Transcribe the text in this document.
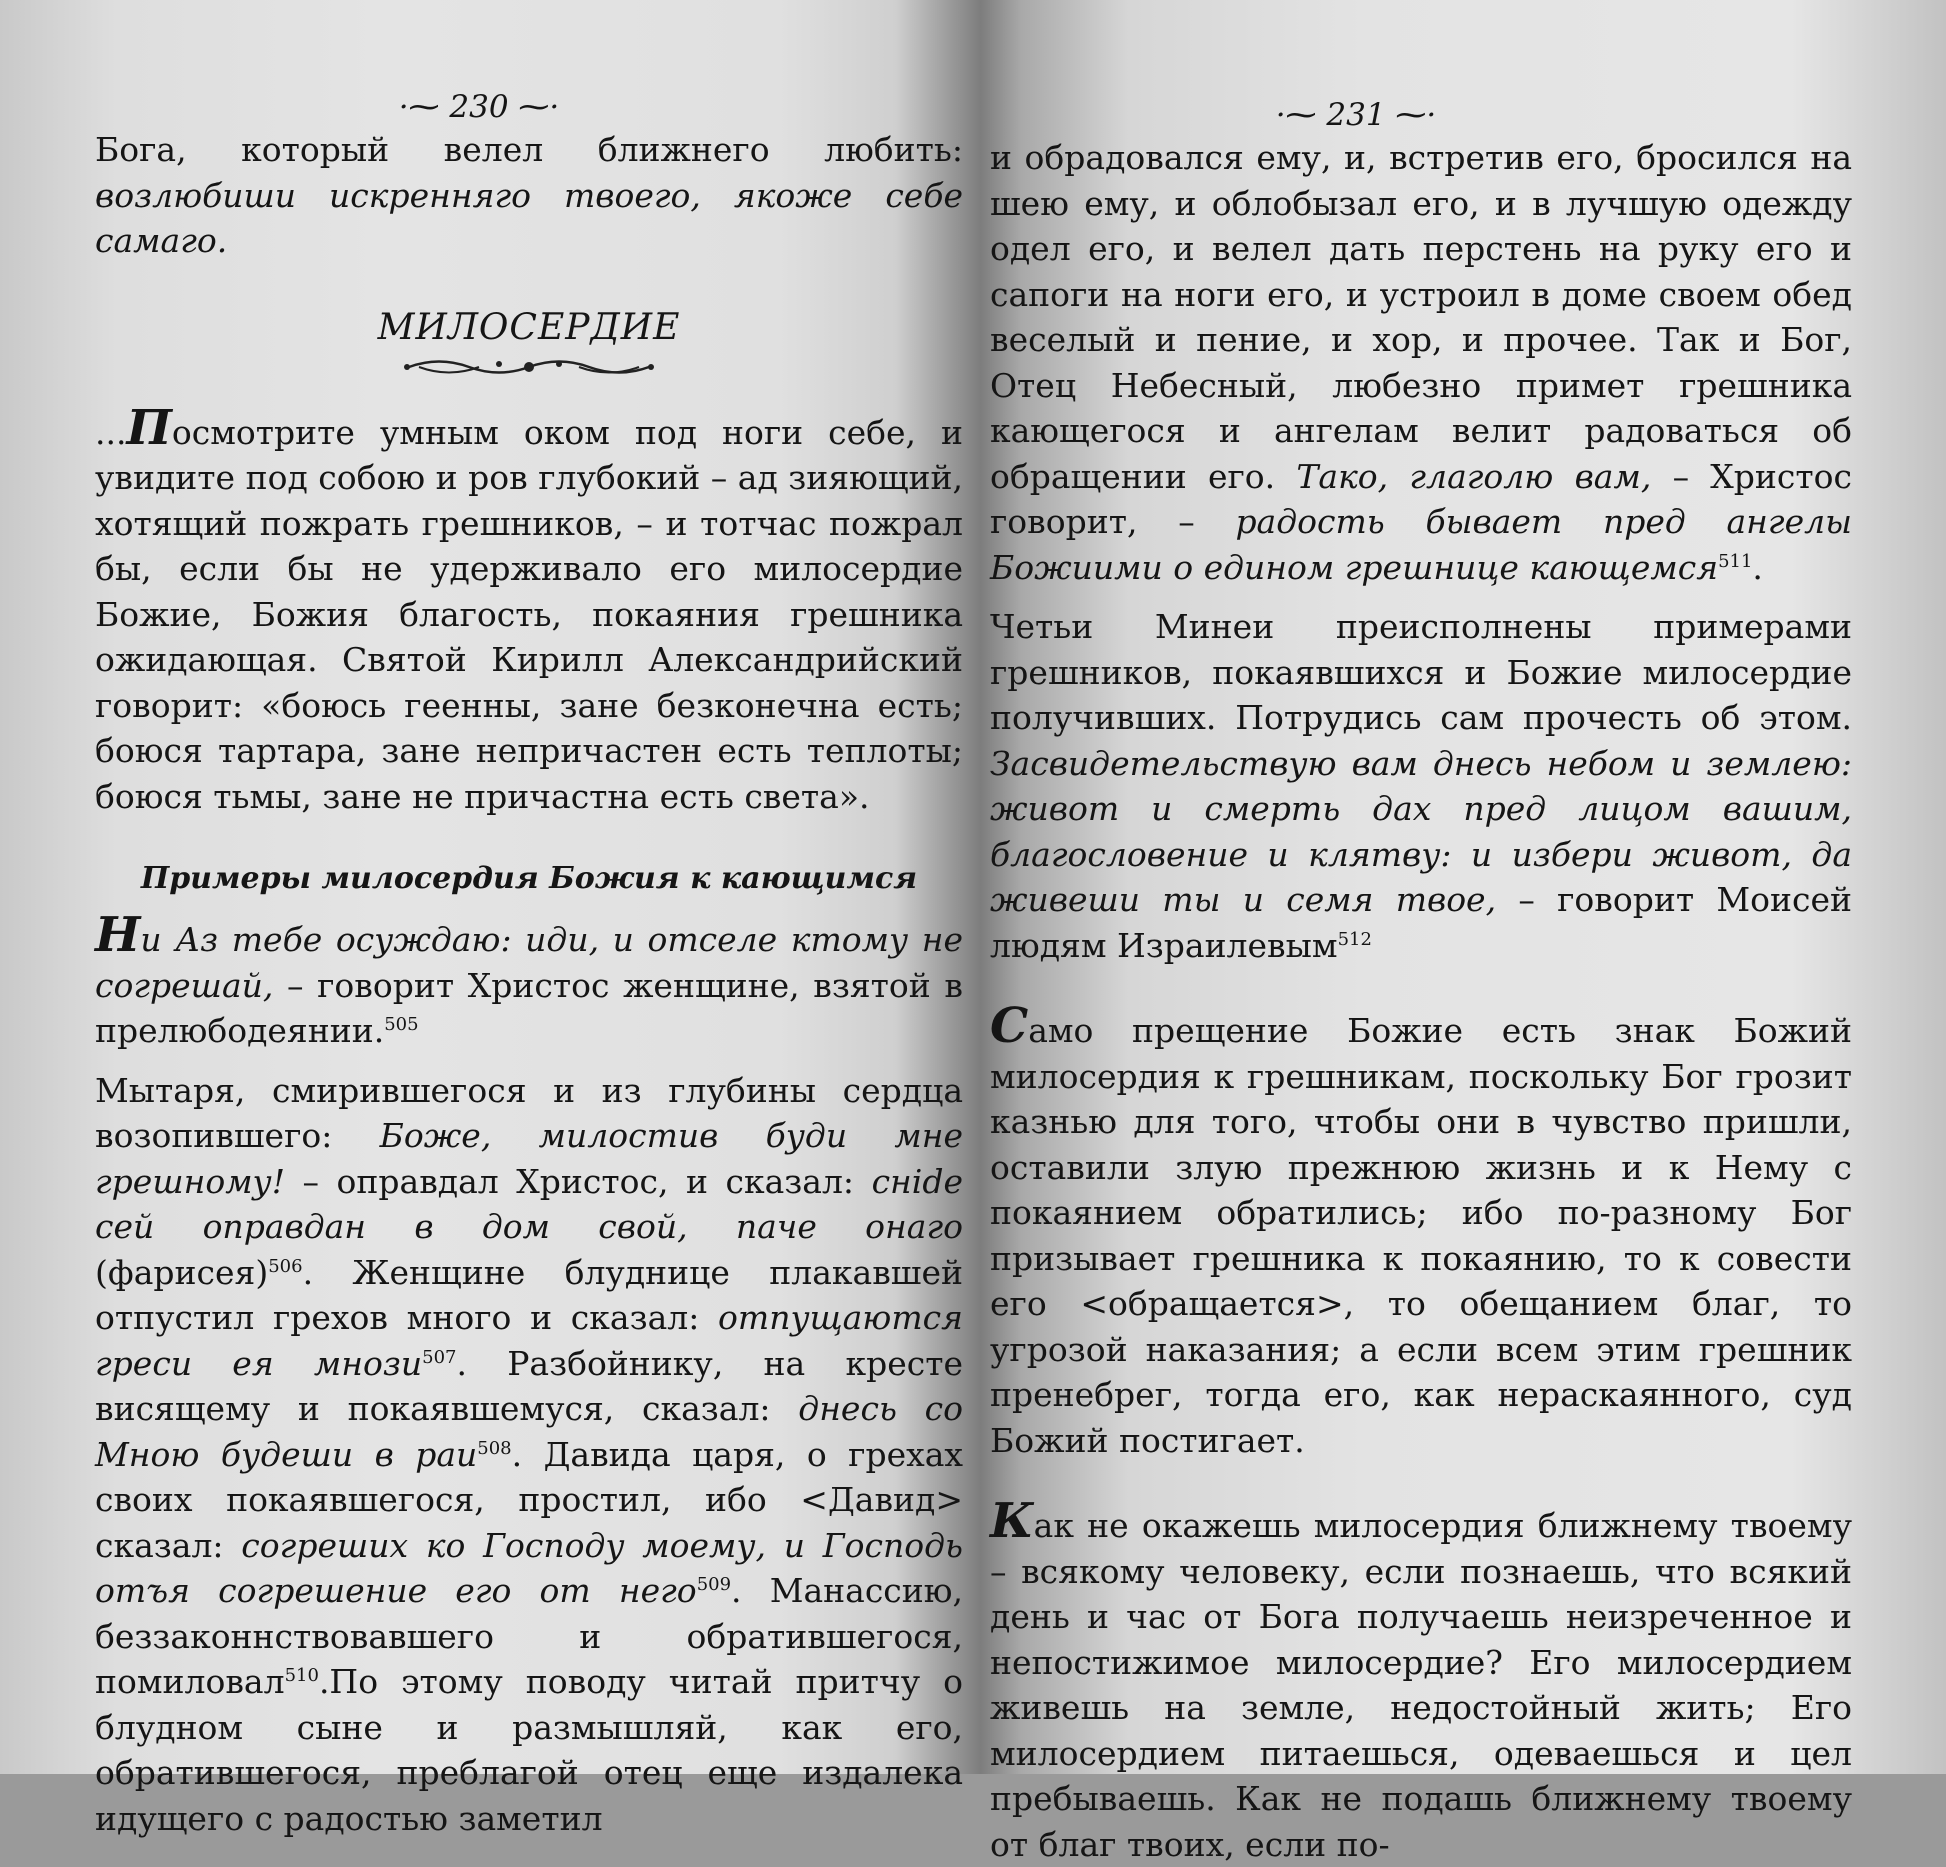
·⁓ 230 ⁓·

Бога, который велел ближнего любить: возлюбиши искренняго твоего, якоже себе самаго.

МИЛОСЕРДИЕ

...Посмотрите умным оком под ноги себе, и увидите под собою и ров глубокий – ад зияющий, хотящий пожрать грешников, – и тотчас пожрал бы, если бы не удерживало его милосердие Божие, Божия благость, покаяния грешника ожидающая. Святой Кирилл Александрийский говорит: «боюсь геенны, зане безконечна есть; боюся тартара, зане непричастен есть теплоты; боюся тьмы, зане не причастна есть света».

Примеры милосердия Божия к кающимся

Ни Аз тебе осуждаю: иди, и отселе ктому не согрешай, – говорит Христос женщине, взятой в прелюбодеянии.$^{505}$

Мытаря, смирившегося и из глубины сердца возопившего: Боже, милостив буди мне грешному! – оправдал Христос, и сказал: снide сей оправдан в дом свой, паче онаго (фарисея)$^{506}$. Женщине блуднице плакавшей отпустил грехов много и сказал: отпущаются греси ея мнози$^{507}$. Разбойнику, на кресте висящему и покаявшемуся, сказал: днесь со Мною будеши в раи$^{508}$. Давида царя, о грехах своих покаявшегося, простил, ибо <Давид> сказал: согреших ко Господу моему, и Господь отъя согрешение его от него$^{509}$. Манассию, беззаконнствовавшего и обратившегося, помиловал$^{510}$.По этому поводу читай притчу о блудном сыне и размышляй, как его, обратившегося, преблагой отец еще издалека идущего с радостью заметил

·⁓ 231 ⁓·

и обрадовался ему, и, встретив его, бросился на шею ему, и облобызал его, и в лучшую одежду одел его, и велел дать перстень на руку его и сапоги на ноги его, и устроил в доме своем обед веселый и пение, и хор, и прочее. Так и Бог, Отец Небесный, любезно примет грешника кающегося и ангелам велит радоваться об обращении его. Тако, глаголю вам, – Христос говорит, – радость бывает пред ангелы Божиими о едином грешнице кающемся$^{511}$.

Четьи Минеи преисполнены примерами грешников, покаявшихся и Божие милосердие получивших. Потрудись сам прочесть об этом. Засвидетельствую вам днесь небом и землею: живот и смерть дах пред лицом вашим, благословение и клятву: и избери живот, да живеши ты и семя твое, – говорит Моисей людям Израилевым$^{512}$

Само прещение Божие есть знак Божий милосердия к грешникам, поскольку Бог грозит казнью для того, чтобы они в чувство пришли, оставили злую прежнюю жизнь и к Нему с покаянием обратились; ибо по-разному Бог призывает грешника к покаянию, то к совести его <обращается>, то обещанием благ, то угрозой наказания; а если всем этим грешник пренебрег, тогда его, как нераскаянного, суд Божий постигает.

Как не окажешь милосердия ближнему твоему – всякому человеку, если познаешь, что всякий день и час от Бога получаешь неизреченное и непостижимое милосердие? Его милосердием живешь на земле, недостойный жить; Его милосердием питаешься, одеваешься и цел пребываешь. Как не подашь ближнему твоему от благ твоих, если по-
